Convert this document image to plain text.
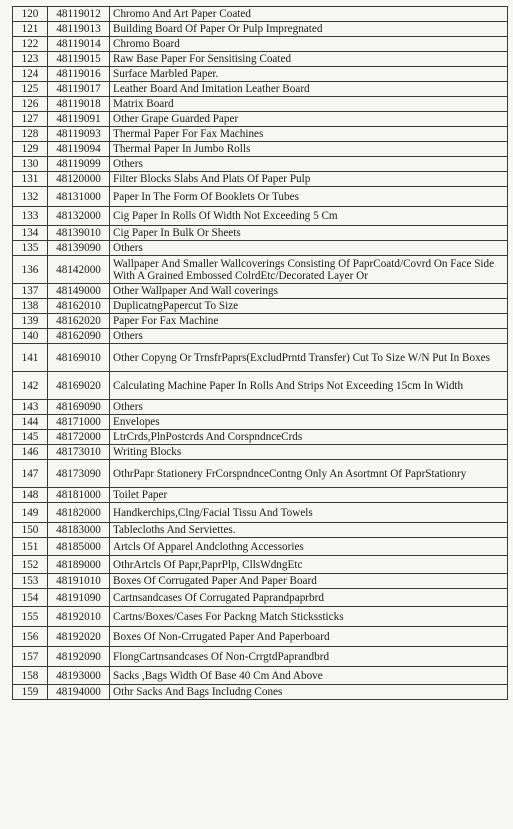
120	48119012	Chromo And Art Paper Coated
121	48119013	Building Board Of Paper Or Pulp Impregnated
122	48119014	Chromo Board
123	48119015	Raw Base Paper For Sensitising Coated
124	48119016	Surface Marbled Paper.
125	48119017	Leather Board And Imitation Leather Board
126	48119018	Matrix Board
127	48119091	Other Grape Guarded Paper
128	48119093	Thermal Paper For Fax Machines
129	48119094	Thermal Paper In Jumbo Rolls
130	48119099	Others
131	48120000	Filter Blocks Slabs And Plats Of Paper Pulp
132	48131000	Paper In The Form Of Booklets Or Tubes
133	48132000	Cig Paper In Rolls Of Width Not Exceeding 5 Cm
134	48139010	Cig Paper In Bulk Or Sheets
135	48139090	Others
136	48142000	Wallpaper And Smaller Wallcoverings Consisting Of PaprCoatd/Covrd On Face Side With A Grained Embossed ColrdEtc/Decorated Layer Or
137	48149000	Other Wallpaper And Wall coverings
138	48162010	DuplicatngPapercut To Size
139	48162020	Paper For Fax Machine
140	48162090	Others
141	48169010	Other Copyng Or TrnsfrPaprs(ExcludPrntd Transfer) Cut To Size W/N Put In Boxes
142	48169020	Calculating Machine Paper In Rolls And Strips Not Exceeding 15cm In Width
143	48169090	Others
144	48171000	Envelopes
145	48172000	LtrCrds,PlnPostcrds And CorspndnceCrds
146	48173010	Writing Blocks
147	48173090	OthrPapr Stationery FrCorspndnceContng Only An Asortmnt Of PaprStationry
148	48181000	Toilet Paper
149	48182000	Handkerchips,Clng/Facial Tissu And Towels
150	48183000	Tablecloths And Serviettes.
151	48185000	Artcls Of Apparel Andclothng Accessories
152	48189000	OthrArtcls Of Papr,PaprPlp, CllsWdngEtc
153	48191010	Boxes Of Corrugated Paper And Paper Board
154	48191090	Cartnsandcases Of Corrugated Paprandpaprbrd
155	48192010	Cartns/Boxes/Cases For Packng Match Stickssticks
156	48192020	Boxes Of Non-Crrugated Paper And Paperboard
157	48192090	FlongCartnsandcases Of Non-CrrgtdPaprandbrd
158	48193000	Sacks ,Bags Width Of Base 40 Cm And Above
159	48194000	Othr Sacks And Bags Includng Cones
